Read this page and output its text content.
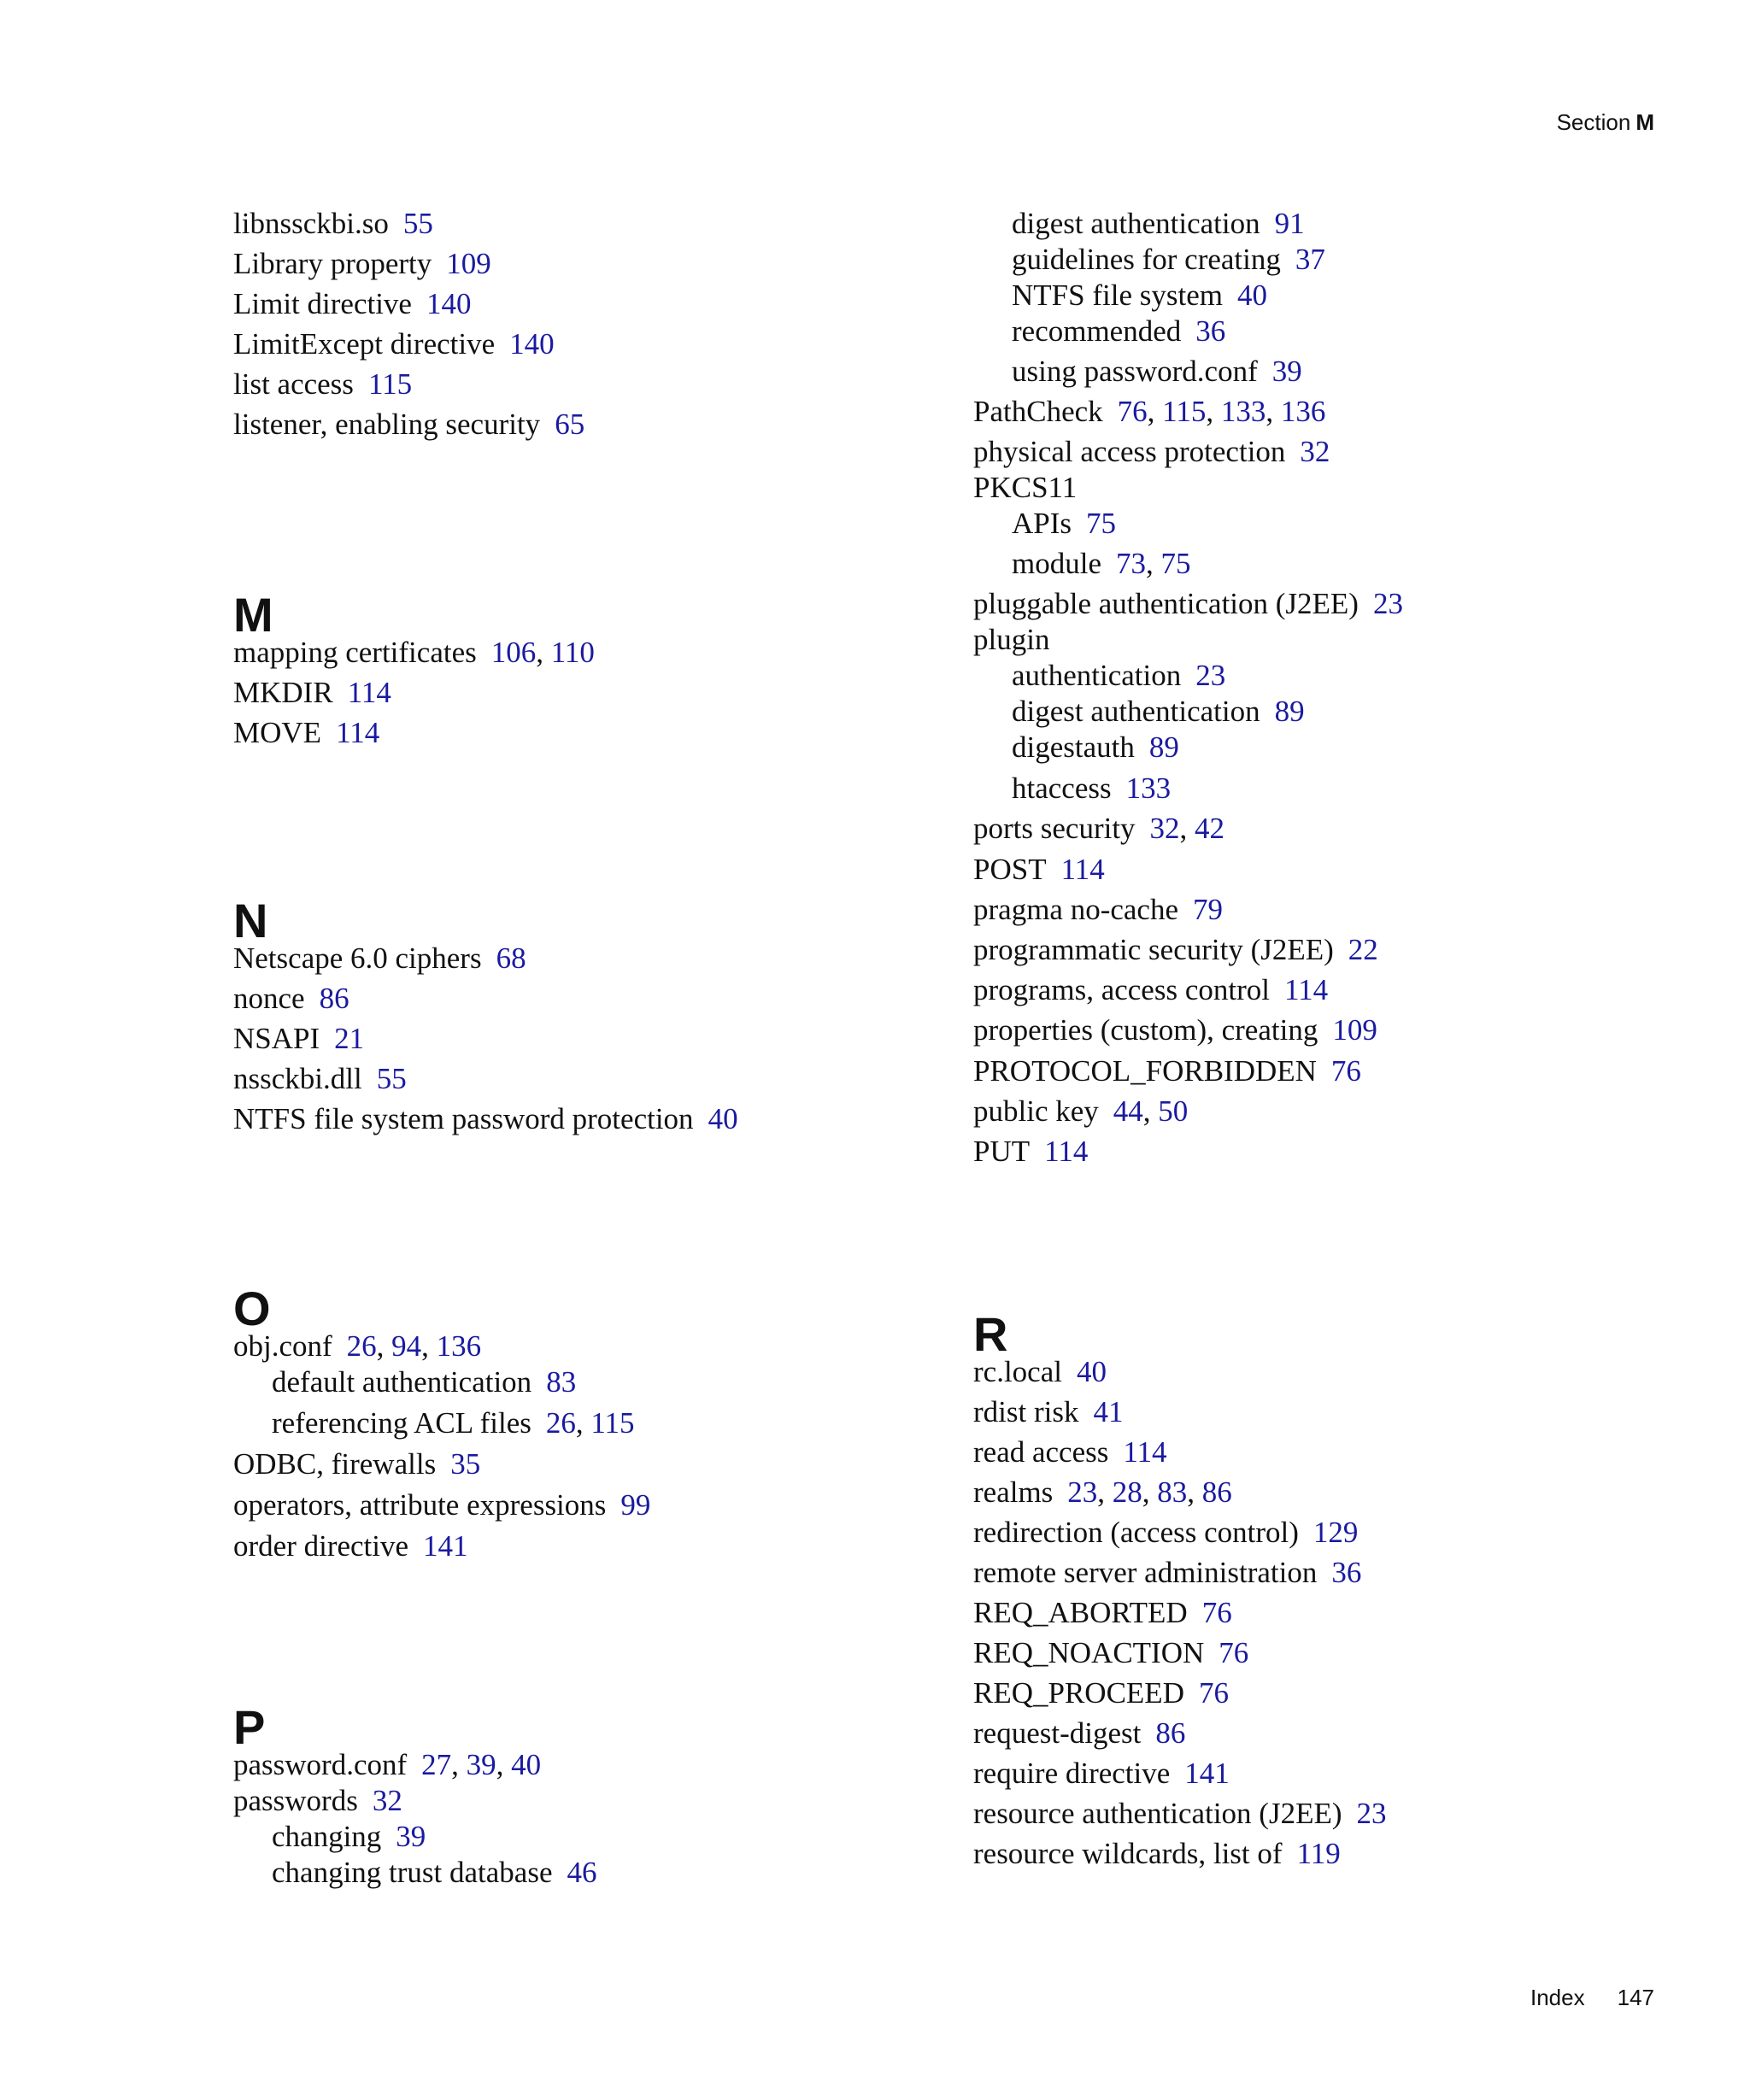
Section M
libnssckbi.so 55
Library property 109
Limit directive 140
LimitExcept directive 140
list access 115
listener, enabling security 65
M
mapping certificates 106, 110
MKDIR 114
MOVE 114
N
Netscape 6.0 ciphers 68
nonce 86
NSAPI 21
nssckbi.dll 55
NTFS file system password protection 40
O
obj.conf 26, 94, 136
default authentication 83
referencing ACL files 26, 115
ODBC, firewalls 35
operators, attribute expressions 99
order directive 141
P
password.conf 27, 39, 40
passwords 32
changing 39
changing trust database 46
digest authentication 91
guidelines for creating 37
NTFS file system 40
recommended 36
using password.conf 39
PathCheck 76, 115, 133, 136
physical access protection 32
PKCS11
APIs 75
module 73, 75
pluggable authentication (J2EE) 23
plugin
authentication 23
digest authentication 89
digestauth 89
htaccess 133
ports security 32, 42
POST 114
pragma no-cache 79
programmatic security (J2EE) 22
programs, access control 114
properties (custom), creating 109
PROTOCOL_FORBIDDEN 76
public key 44, 50
PUT 114
R
rc.local 40
rdist risk 41
read access 114
realms 23, 28, 83, 86
redirection (access control) 129
remote server administration 36
REQ_ABORTED 76
REQ_NOACTION 76
REQ_PROCEED 76
request-digest 86
require directive 141
resource authentication (J2EE) 23
resource wildcards, list of 119
Index 147
